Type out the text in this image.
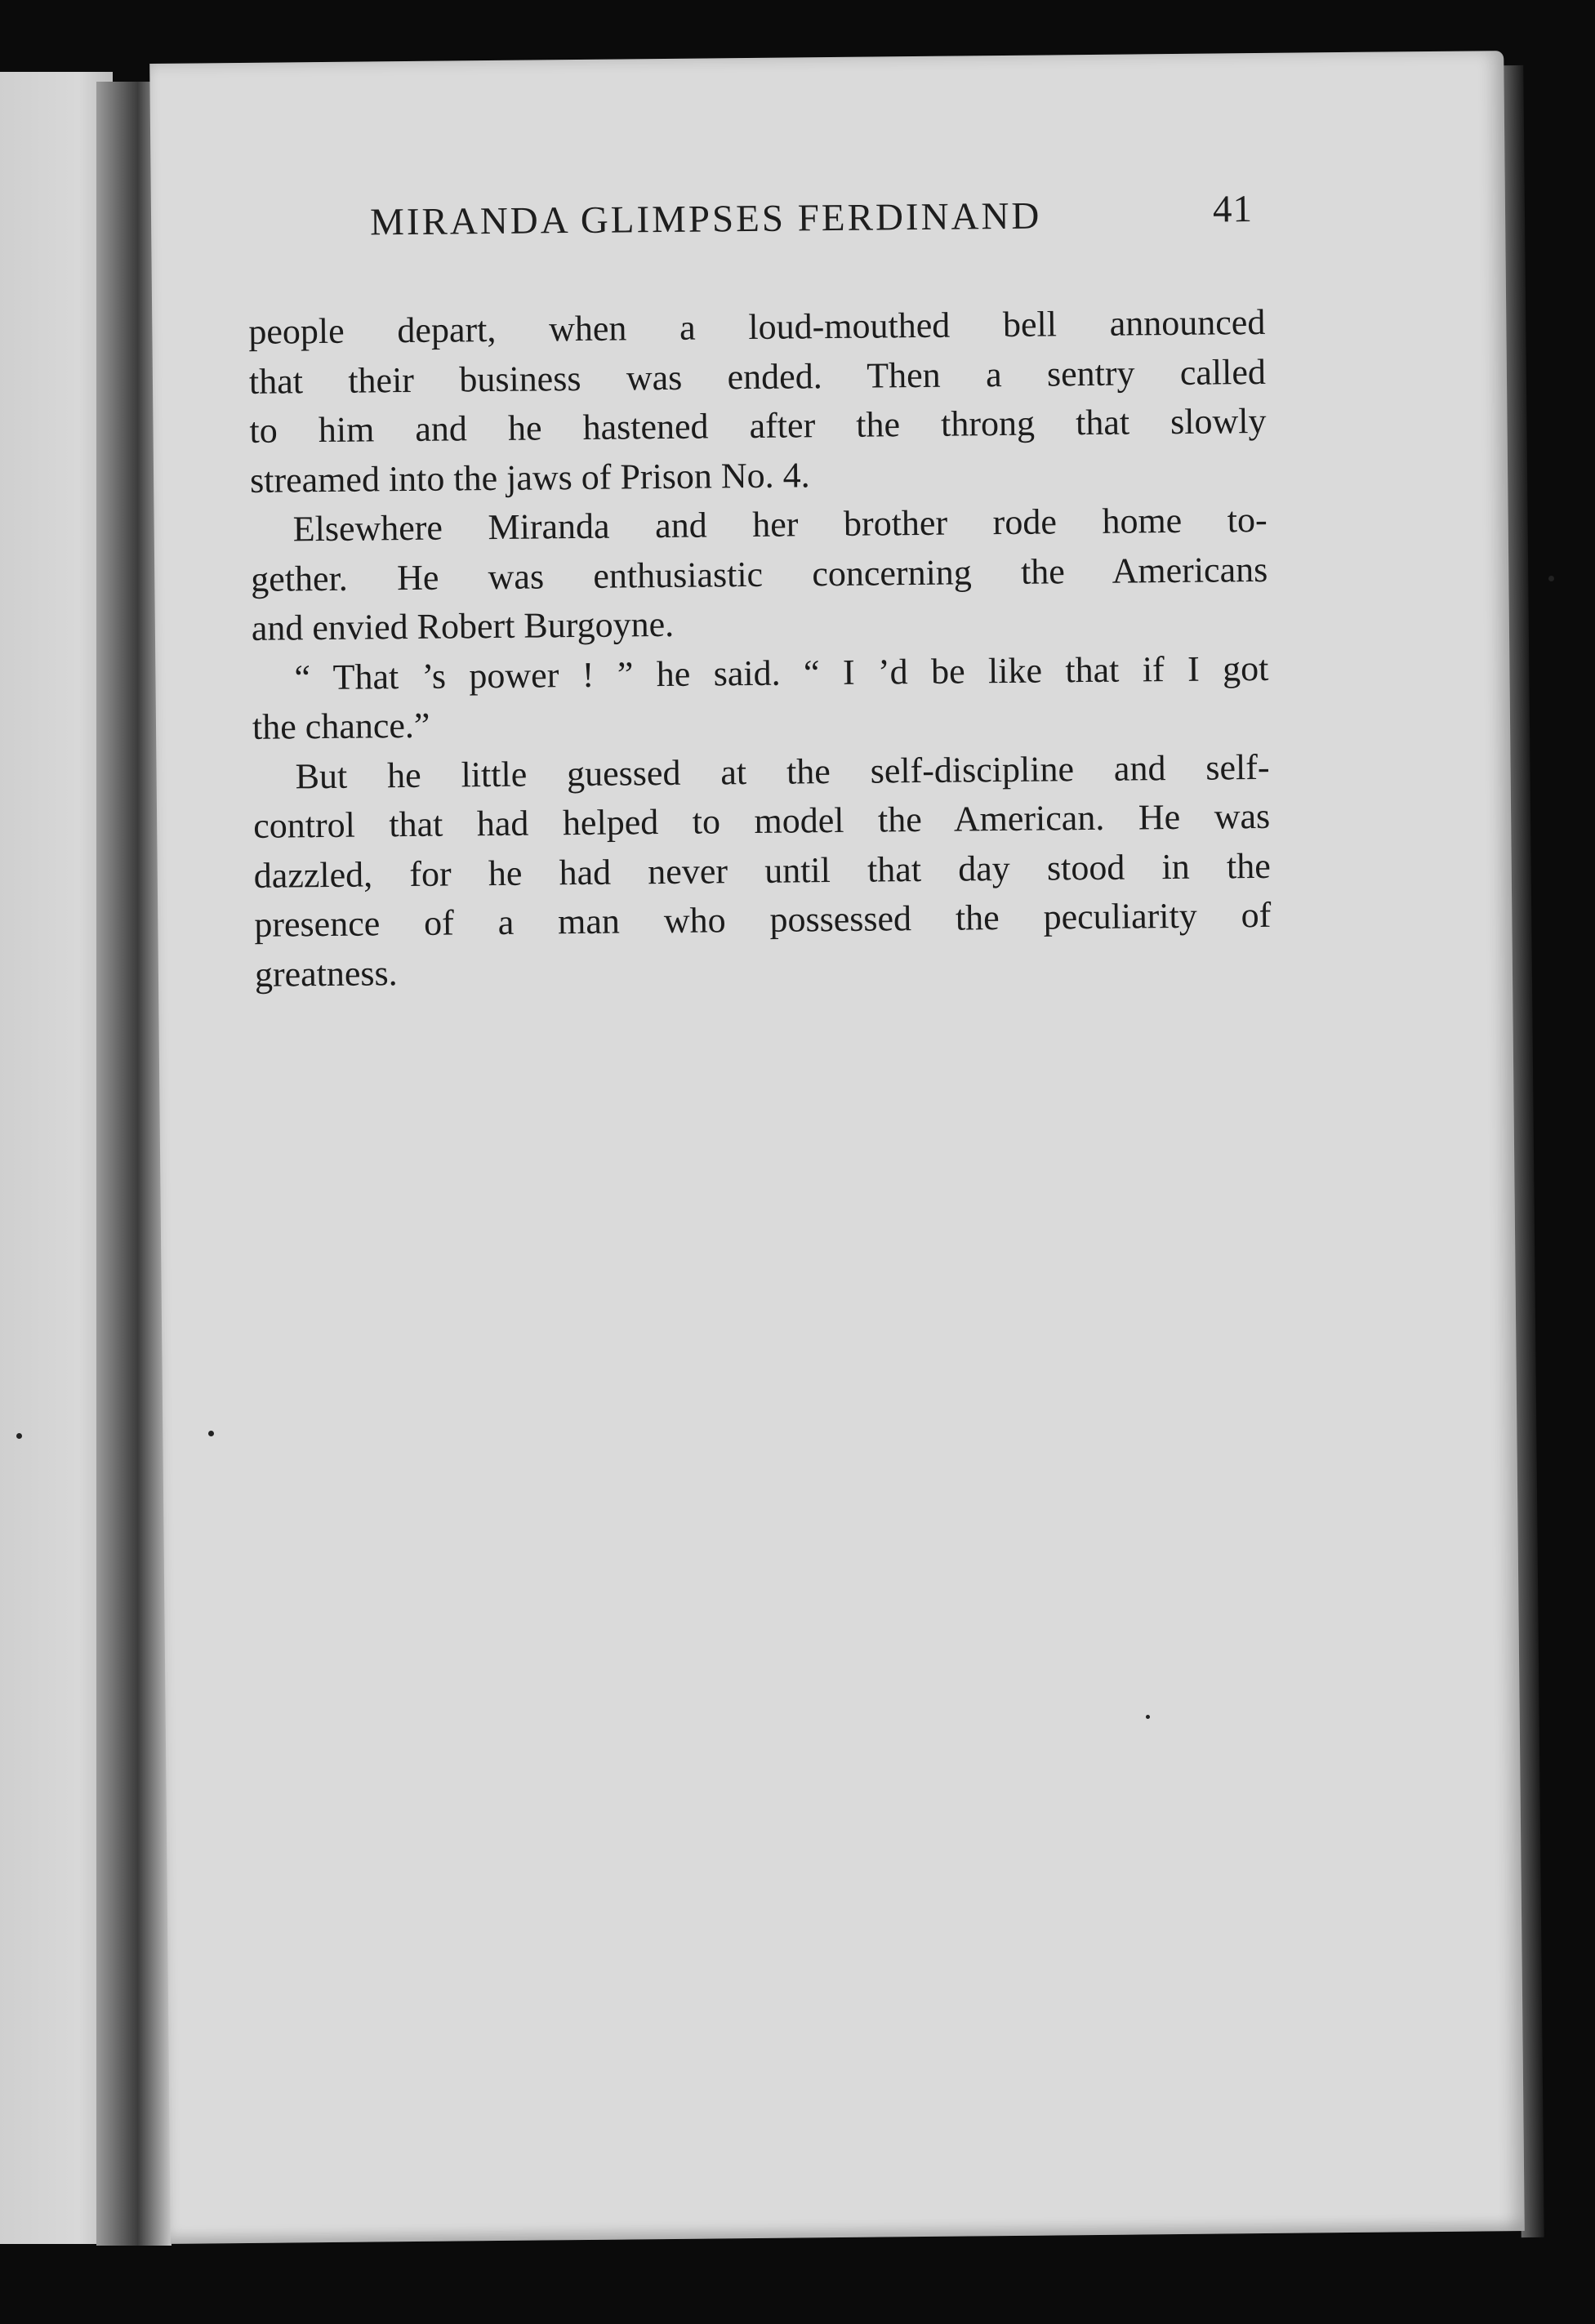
MIRANDA GLIMPSES FERDINAND	41

people depart, when a loud-mouthed bell announced
that their business was ended. Then a sentry called
to him and he hastened after the throng that slowly
streamed into the jaws of Prison No. 4.

Elsewhere Miranda and her brother rode home to-
gether. He was enthusiastic concerning the Americans
and envied Robert Burgoyne.

“ That ’s power ! ” he said. “ I ’d be like that if I got
the chance.”

But he little guessed at the self-discipline and self-
control that had helped to model the American. He was
dazzled, for he had never until that day stood in the
presence of a man who possessed the peculiarity of
greatness.
